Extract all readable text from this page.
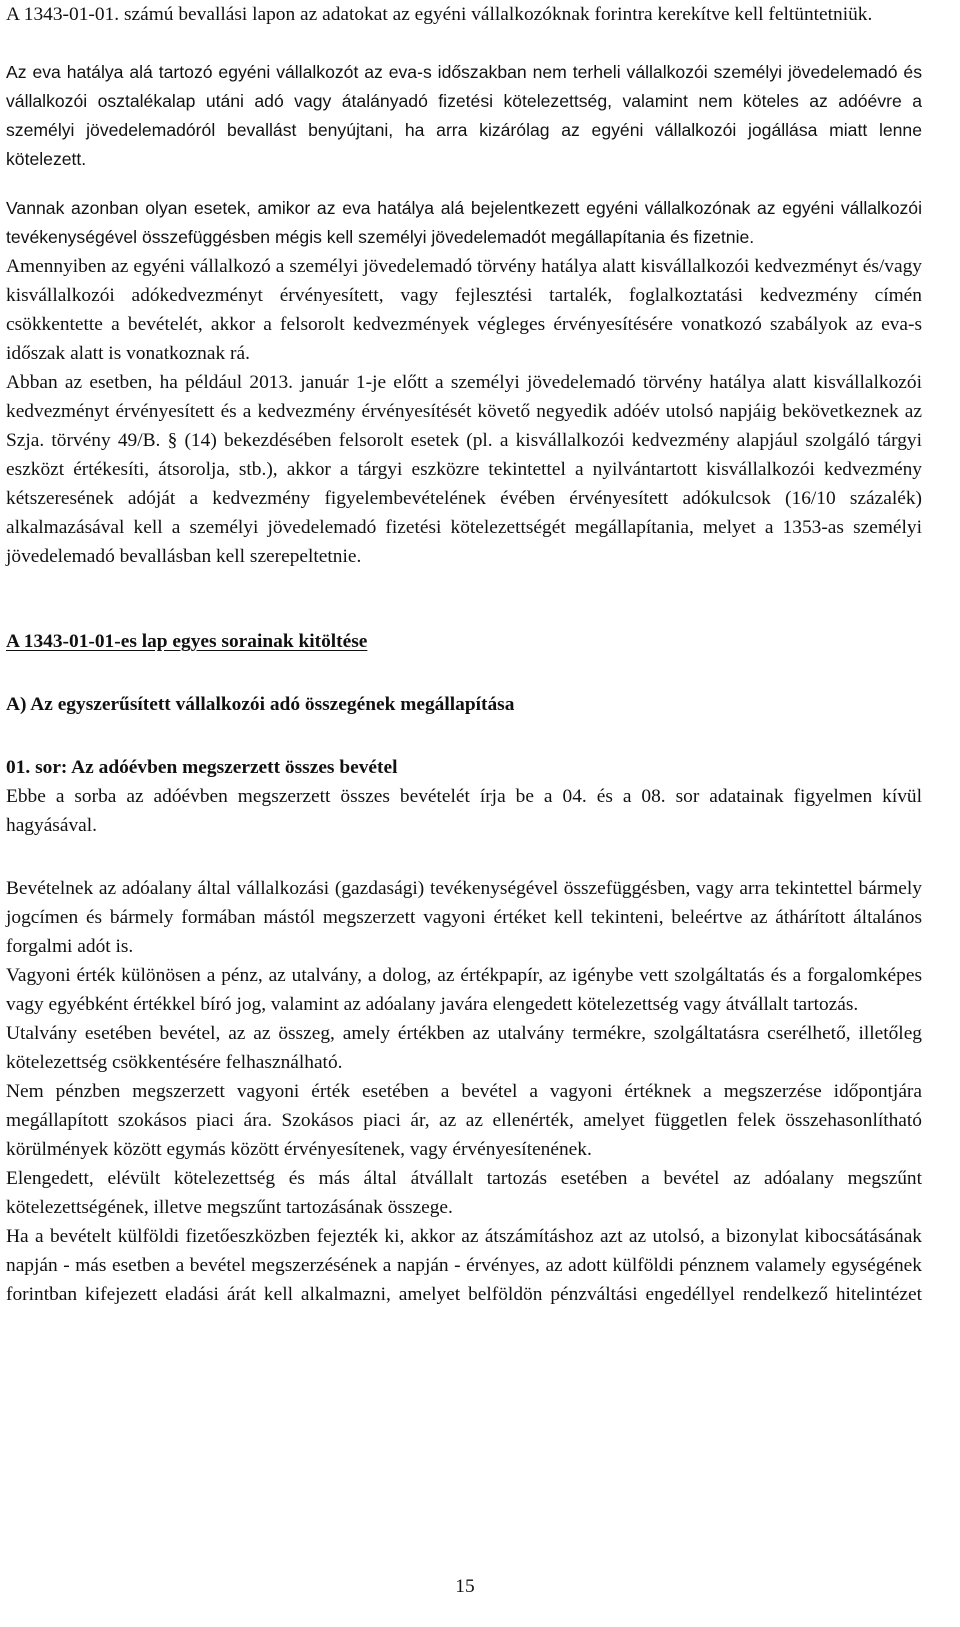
A 1343-01-01. számú bevallási lapon az adatokat az egyéni vállalkozóknak forintra kerekítve kell feltüntetniük.

Az eva hatálya alá tartozó egyéni vállalkozót az eva-s időszakban nem terheli vállalkozói személyi jövedelemadó és vállalkozói osztalékalap utáni adó vagy átalányadó fizetési kötelezettség, valamint nem köteles az adóévre a személyi jövedelemadóról bevallást benyújtani, ha arra kizárólag az egyéni vállalkozói jogállása miatt lenne kötelezett.

Vannak azonban olyan esetek, amikor az eva hatálya alá bejelentkezett egyéni vállalkozónak az egyéni vállalkozói tevékenységével összefüggésben mégis kell személyi jövedelemadót megállapítania és fizetnie.

Amennyiben az egyéni vállalkozó a személyi jövedelemadó törvény hatálya alatt kisvállalkozói kedvezményt és/vagy kisvállalkozói adókedvezményt érvényesített, vagy fejlesztési tartalék, foglalkoztatási kedvezmény címén csökkentette a bevételét, akkor a felsorolt kedvezmények végleges érvényesítésére vonatkozó szabályok az eva-s időszak alatt is vonatkoznak rá.

Abban az esetben, ha például 2013. január 1-je előtt a személyi jövedelemadó törvény hatálya alatt kisvállalkozói kedvezményt érvényesített és a kedvezmény érvényesítését követő negyedik adóév utolsó napjáig bekövetkeznek az Szja. törvény 49/B. § (14) bekezdésében felsorolt esetek (pl. a kisvállalkozói kedvezmény alapjául szolgáló tárgyi eszközt értékesíti, átsorolja, stb.), akkor a tárgyi eszközre tekintettel a nyilvántartott kisvállalkozói kedvezmény kétszeresének adóját a kedvezmény figyelembevételének évében érvényesített adókulcsok (16/10 százalék) alkalmazásával kell a személyi jövedelemadó fizetési kötelezettségét megállapítania, melyet a 1353-as személyi jövedelemadó bevallásban kell szerepeltetnie.

A 1343-01-01-es lap egyes sorainak kitöltése

A) Az egyszerűsített vállalkozói adó összegének megállapítása

01. sor: Az adóévben megszerzett összes bevétel

Ebbe a sorba az adóévben megszerzett összes bevételét írja be a 04. és a 08. sor adatainak figyelmen kívül hagyásával.

Bevételnek az adóalany által vállalkozási (gazdasági) tevékenységével összefüggésben, vagy arra tekintettel bármely jogcímen és bármely formában mástól megszerzett vagyoni értéket kell tekinteni, beleértve az áthárított általános forgalmi adót is.

Vagyoni érték különösen a pénz, az utalvány, a dolog, az értékpapír, az igénybe vett szolgáltatás és a forgalomképes vagy egyébként értékkel bíró jog, valamint az adóalany javára elengedett kötelezettség vagy átvállalt tartozás.

Utalvány esetében bevétel, az az összeg, amely értékben az utalvány termékre, szolgáltatásra cserélhető, illetőleg kötelezettség csökkentésére felhasználható.

Nem pénzben megszerzett vagyoni érték esetében a bevétel a vagyoni értéknek a megszerzése időpontjára megállapított szokásos piaci ára. Szokásos piaci ár, az az ellenérték, amelyet független felek összehasonlítható körülmények között egymás között érvényesítenek, vagy érvényesítenének.

Elengedett, elévült kötelezettség és más által átvállalt tartozás esetében a bevétel az adóalany megszűnt kötelezettségének, illetve megszűnt tartozásának összege.

Ha a bevételt külföldi fizetőeszközben fejezték ki, akkor az átszámításhoz azt az utolsó, a bizonylat kibocsátásának napján - más esetben a bevétel megszerzésének a napján - érvényes, az adott külföldi pénznem valamely egységének forintban kifejezett eladási árát kell alkalmazni, amelyet belföldön pénzváltási engedéllyel rendelkező hitelintézet

15
